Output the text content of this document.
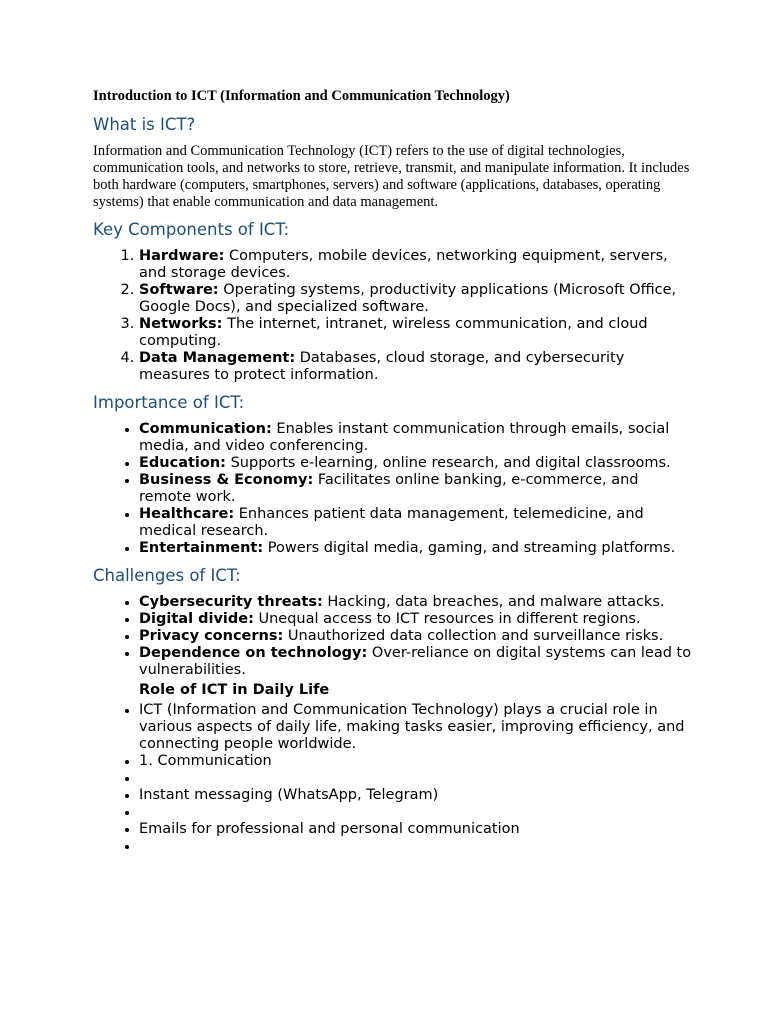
Introduction to ICT (Information and Communication Technology)
What is ICT?

Information and Communication Technology (ICT) refers to the use of digital technologies, communication tools, and networks to store, retrieve, transmit, and manipulate information. It includes both hardware (computers, smartphones, servers) and software (applications, databases, operating systems) that enable communication and data management.

Key Components of ICT:
1. Hardware: Computers, mobile devices, networking equipment, servers, and storage devices.
2. Software: Operating systems, productivity applications (Microsoft Office, Google Docs), and specialized software.
3. Networks: The internet, intranet, wireless communication, and cloud computing.
4. Data Management: Databases, cloud storage, and cybersecurity measures to protect information.
Importance of ICT:
• Communication: Enables instant communication through emails, social media, and video conferencing.
• Education: Supports e-learning, online research, and digital classrooms.
• Business & Economy: Facilitates online banking, e-commerce, and remote work.
• Healthcare: Enhances patient data management, telemedicine, and medical research.
• Entertainment: Powers digital media, gaming, and streaming platforms.
Challenges of ICT:
• Cybersecurity threats: Hacking, data breaches, and malware attacks.
• Digital divide: Unequal access to ICT resources in different regions.
• Privacy concerns: Unauthorized data collection and surveillance risks.
• Dependence on technology: Over-reliance on digital systems can lead to vulnerabilities.
Role of ICT in Daily Life
• ICT (Information and Communication Technology) plays a crucial role in various aspects of daily life, making tasks easier, improving efficiency, and connecting people worldwide.
• 1. Communication
•
• Instant messaging (WhatsApp, Telegram)
•
• Emails for professional and personal communication
•
